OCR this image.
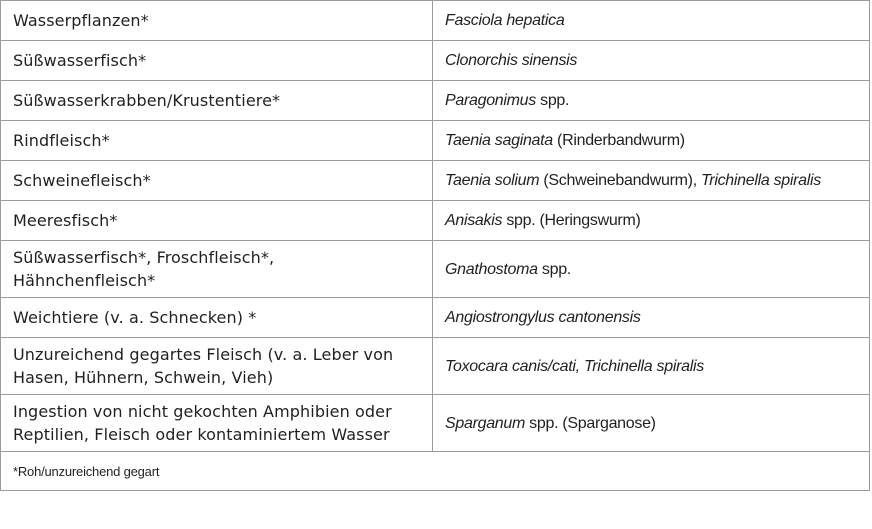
Wasserpflanzen*	Fasciola hepatica
Süßwasserfisch*	Clonorchis sinensis
Süßwasserkrabben/Krustentiere*	Paragonimus spp.
Rindfleisch*	Taenia saginata (Rinderbandwurm)
Schweinefleisch*	Taenia solium (Schweinebandwurm), Trichinella spiralis
Meeresfisch*	Anisakis spp. (Heringswurm)
Süßwasserfisch*, Froschfleisch*, Hähnchenfleisch*	Gnathostoma spp.
Weichtiere (v. a. Schnecken) *	Angiostrongylus cantonensis
Unzureichend gegartes Fleisch (v. a. Leber von Hasen, Hühnern, Schwein, Vieh)	Toxocara canis/cati, Trichinella spiralis
Ingestion von nicht gekochten Amphibien oder Reptilien, Fleisch oder kontaminiertem Wasser	Sparganum spp. (Sparganose)
*Roh/unzureichend gegart	
